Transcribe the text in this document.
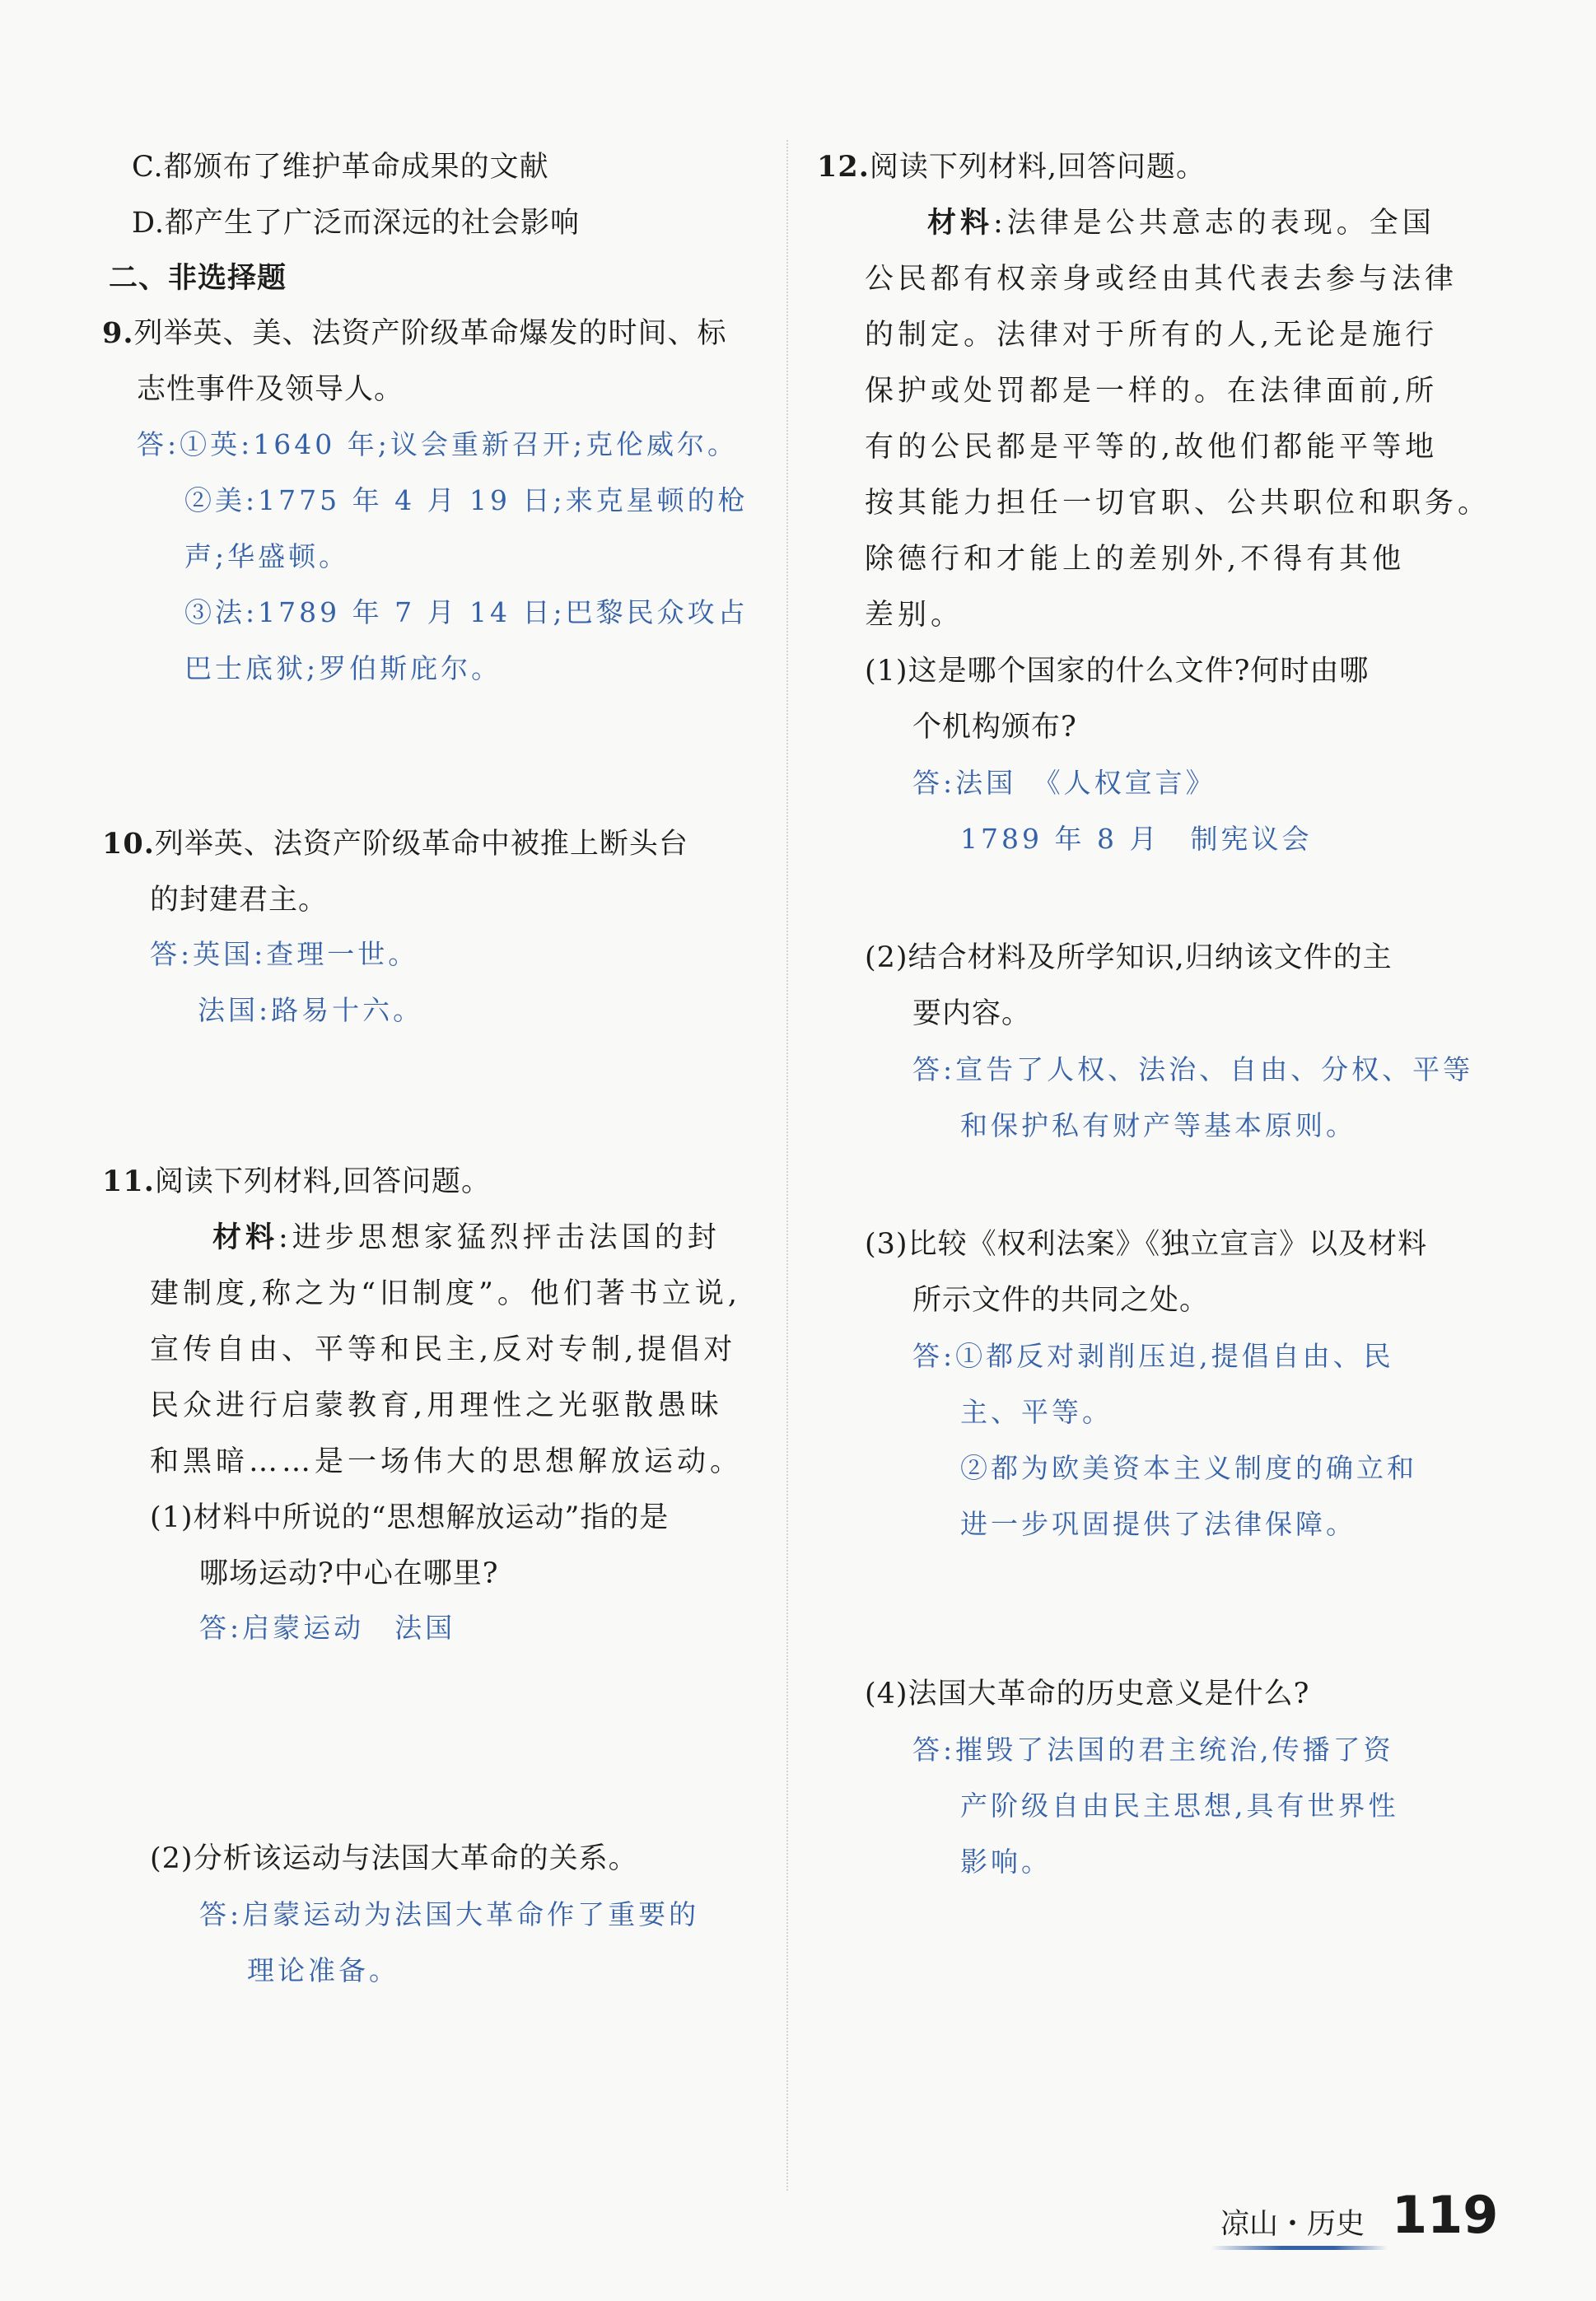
C.都颁布了维护革命成果的文献
D.都产生了广泛而深远的社会影响
二、非选择题
9.列举英、美、法资产阶级革命爆发的时间、标
志性事件及领导人。
答:①英:1640 年;议会重新召开;克伦威尔。
②美:1775 年 4 月 19 日;来克星顿的枪
声;华盛顿。
③法:1789 年 7 月 14 日;巴黎民众攻占
巴士底狱;罗伯斯庇尔。
10.列举英、法资产阶级革命中被推上断头台
的封建君主。
答:英国:查理一世。
法国:路易十六。
11.阅读下列材料,回答问题。
材料:进步思想家猛烈抨击法国的封
建制度,称之为“旧制度”。他们著书立说,
宣传自由、平等和民主,反对专制,提倡对
民众进行启蒙教育,用理性之光驱散愚昧
和黑暗……是一场伟大的思想解放运动。
(1)材料中所说的“思想解放运动”指的是
哪场运动?中心在哪里?
答:启蒙运动　法国
(2)分析该运动与法国大革命的关系。
答:启蒙运动为法国大革命作了重要的
理论准备。
12.阅读下列材料,回答问题。
材料:法律是公共意志的表现。全国
公民都有权亲身或经由其代表去参与法律
的制定。法律对于所有的人,无论是施行
保护或处罚都是一样的。在法律面前,所
有的公民都是平等的,故他们都能平等地
按其能力担任一切官职、公共职位和职务。
除德行和才能上的差别外,不得有其他
差别。
(1)这是哪个国家的什么文件?何时由哪
个机构颁布?
答:法国　《人权宣言》
1789 年 8 月　制宪议会
(2)结合材料及所学知识,归纳该文件的主
要内容。
答:宣告了人权、法治、自由、分权、平等
和保护私有财产等基本原则。
(3)比较《权利法案》《独立宣言》以及材料
所示文件的共同之处。
答:①都反对剥削压迫,提倡自由、民
主、平等。
②都为欧美资本主义制度的确立和
进一步巩固提供了法律保障。
(4)法国大革命的历史意义是什么?
答:摧毁了法国的君主统治,传播了资
产阶级自由民主思想,具有世界性
影响。
凉山・历史 119
